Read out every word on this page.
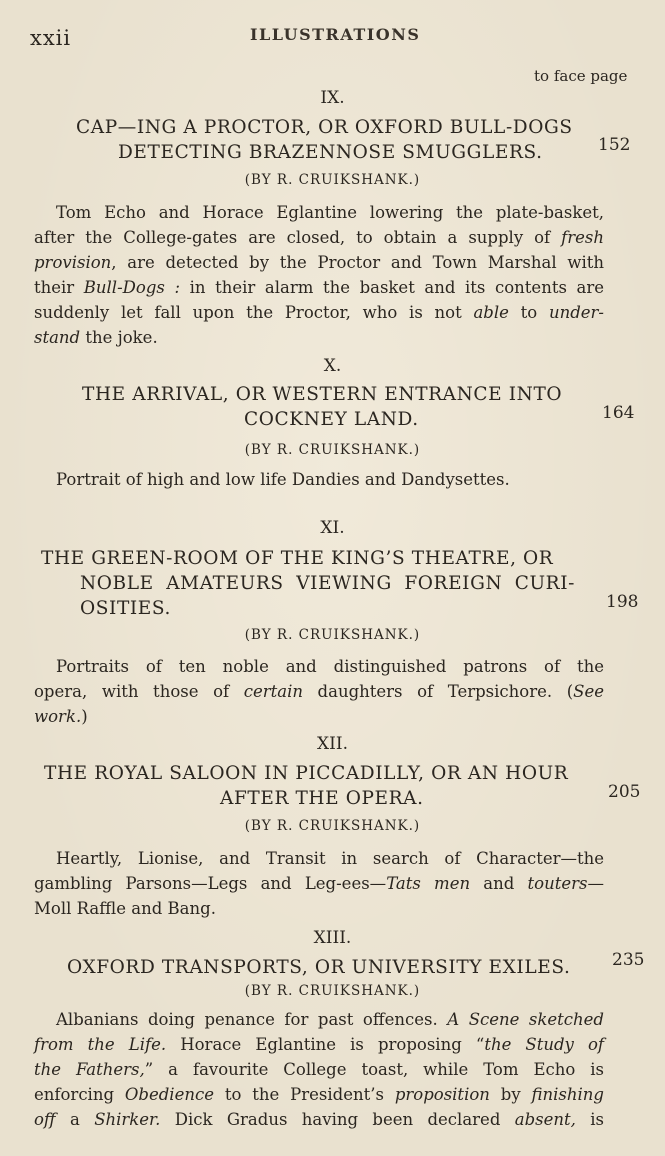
xxii	ILLUSTRATIONS
to face page
IX.
CAP—ING A PROCTOR, OR OXFORD BULL-DOGS
DETECTING BRAZENNOSE SMUGGLERS.	152
(BY R. CRUIKSHANK.)
Tom Echo and Horace Eglantine lowering the plate-basket,
after the College-gates are closed, to obtain a supply of fresh
provision, are detected by the Proctor and Town Marshal with
their Bull-Dogs : in their alarm the basket and its contents are
suddenly let fall upon the Proctor, who is not able to under-
stand the joke.
X.
THE ARRIVAL, OR WESTERN ENTRANCE INTO
COCKNEY LAND.	164
(BY R. CRUIKSHANK.)
Portrait of high and low life Dandies and Dandysettes.
XI.
THE GREEN-ROOM OF THE KING’S THEATRE, OR
NOBLE AMATEURS VIEWING FOREIGN CURI-
OSITIES.	198
(BY R. CRUIKSHANK.)
Portraits of ten noble and distinguished patrons of the
opera, with those of certain daughters of Terpsichore. (See
work.)
XII.
THE ROYAL SALOON IN PICCADILLY, OR AN HOUR
AFTER THE OPERA.	205
(BY R. CRUIKSHANK.)
Heartly, Lionise, and Transit in search of Character—the
gambling Parsons—Legs and Leg-ees—Tats men and touters—
Moll Raffle and Bang.
XIII.
OXFORD TRANSPORTS, OR UNIVERSITY EXILES. 235
(BY R. CRUIKSHANK.)
Albanians doing penance for past offences. A Scene sketched
from the Life. Horace Eglantine is proposing “the Study of
the Fathers,” a favourite College toast, while Tom Echo is
enforcing Obedience to the President’s proposition by finishing
off a Shirker. Dick Gradus having been declared absent, is
